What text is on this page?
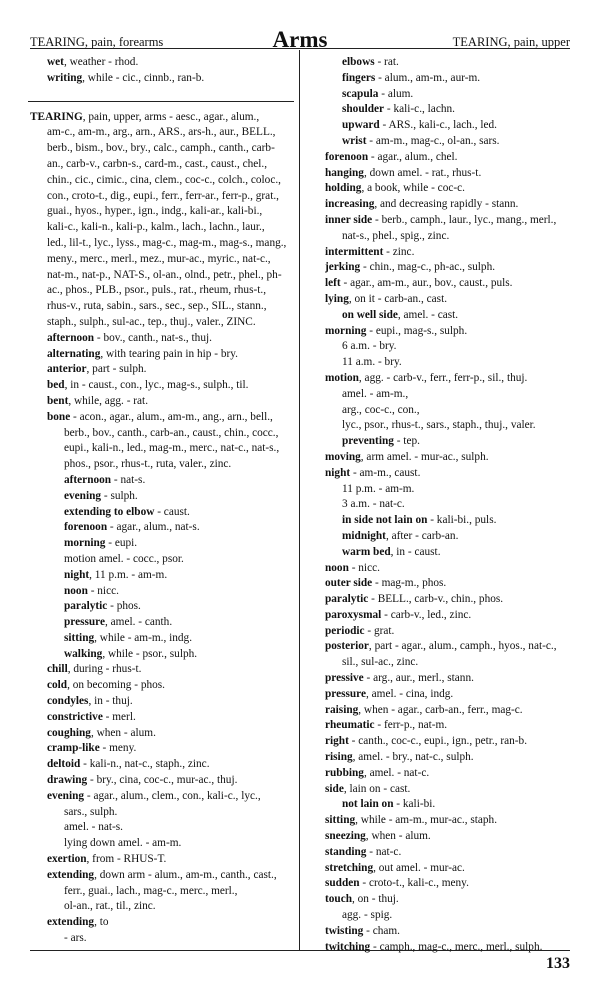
TEARING, pain, forearms	Arms	TEARING, pain, upper
wet, weather - rhod.
writing, while - cic., cinnb., ran-b.
TEARING, pain, upper, arms - aesc., agar., alum.,
am-c., am-m., arg., arn., ARS., ars-h., aur., BELL.,
berb., bism., bov., bry., calc., camph., canth., carb-
an., carb-v., carbn-s., card-m., cast., caust., chel.,
chin., cic., cimic., cina, clem., coc-c., colch., coloc.,
con., croto-t., dig., eupi., ferr., ferr-ar., ferr-p., grat.,
guai., hyos., hyper., ign., indg., kali-ar., kali-bi.,
kali-c., kali-n., kali-p., kalm., lach., lachn., laur.,
led., lil-t., lyc., lyss., mag-c., mag-m., mag-s., mang.,
meny., merc., merl., mez., mur-ac., myric., nat-c.,
nat-m., nat-p., NAT-S., ol-an., olnd., petr., phel., ph-
ac., phos., PLB., psor., puls., rat., rheum, rhus-t.,
rhus-v., ruta, sabin., sars., sec., sep., SIL., stann.,
staph., sulph., sul-ac., tep., thuj., valer., ZINC.
afternoon - bov., canth., nat-s., thuj.
alternating, with tearing pain in hip - bry.
anterior, part - sulph.
bed, in - caust., con., lyc., mag-s., sulph., til.
bent, while, agg. - rat.
bone - acon., agar., alum., am-m., ang., arn., bell.,
berb., bov., canth., carb-an., caust., chin., cocc.,
eupi., kali-n., led., mag-m., merc., nat-c., nat-s.,
phos., psor., rhus-t., ruta, valer., zinc.
afternoon - nat-s.
evening - sulph.
extending to elbow - caust.
forenoon - agar., alum., nat-s.
morning - eupi.
motion amel. - cocc., psor.
night, 11 p.m. - am-m.
noon - nicc.
paralytic - phos.
pressure, amel. - canth.
sitting, while - am-m., indg.
walking, while - psor., sulph.
chill, during - rhus-t.
cold, on becoming - phos.
condyles, in - thuj.
constrictive - merl.
coughing, when - alum.
cramp-like - meny.
deltoid - kali-n., nat-c., staph., zinc.
drawing - bry., cina, coc-c., mur-ac., thuj.
evening - agar., alum., clem., con., kali-c., lyc.,
sars., sulph.
amel. - nat-s.
lying down amel. - am-m.
exertion, from - RHUS-T.
extending, down arm - alum., am-m., canth., cast.,
ferr., guai., lach., mag-c., merc., merl.,
ol-an., rat., til., zinc.
extending, to
- ars.
elbows - rat.
fingers - alum., am-m., aur-m.
scapula - alum.
shoulder - kali-c., lachn.
upward - ARS., kali-c., lach., led.
wrist - am-m., mag-c., ol-an., sars.
forenoon - agar., alum., chel.
hanging, down amel. - rat., rhus-t.
holding, a book, while - coc-c.
increasing, and decreasing rapidly - stann.
inner side - berb., camph., laur., lyc., mang., merl.,
nat-s., phel., spig., zinc.
intermittent - zinc.
jerking - chin., mag-c., ph-ac., sulph.
left - agar., am-m., aur., bov., caust., puls.
lying, on it - carb-an., cast.
on well side, amel. - cast.
morning - eupi., mag-s., sulph.
6 a.m. - bry.
11 a.m. - bry.
motion, agg. - carb-v., ferr., ferr-p., sil., thuj.
amel. - am-m.,
arg., coc-c., con.,
lyc., psor., rhus-t., sars., staph., thuj., valer.
preventing - tep.
moving, arm amel. - mur-ac., sulph.
night - am-m., caust.
11 p.m. - am-m.
3 a.m. - nat-c.
in side not lain on - kali-bi., puls.
midnight, after - carb-an.
warm bed, in - caust.
noon - nicc.
outer side - mag-m., phos.
paralytic - BELL., carb-v., chin., phos.
paroxysmal - carb-v., led., zinc.
periodic - grat.
posterior, part - agar., alum., camph., hyos., nat-c.,
sil., sul-ac., zinc.
pressive - arg., aur., merl., stann.
pressure, amel. - cina, indg.
raising, when - agar., carb-an., ferr., mag-c.
rheumatic - ferr-p., nat-m.
right - canth., coc-c., eupi., ign., petr., ran-b.
rising, amel. - bry., nat-c., sulph.
rubbing, amel. - nat-c.
side, lain on - cast.
not lain on - kali-bi.
sitting, while - am-m., mur-ac., staph.
sneezing, when - alum.
standing - nat-c.
stretching, out amel. - mur-ac.
sudden - croto-t., kali-c., meny.
touch, on - thuj.
agg. - spig.
twisting - cham.
twitching - camph., mag-c., merc., merl., sulph.
133
